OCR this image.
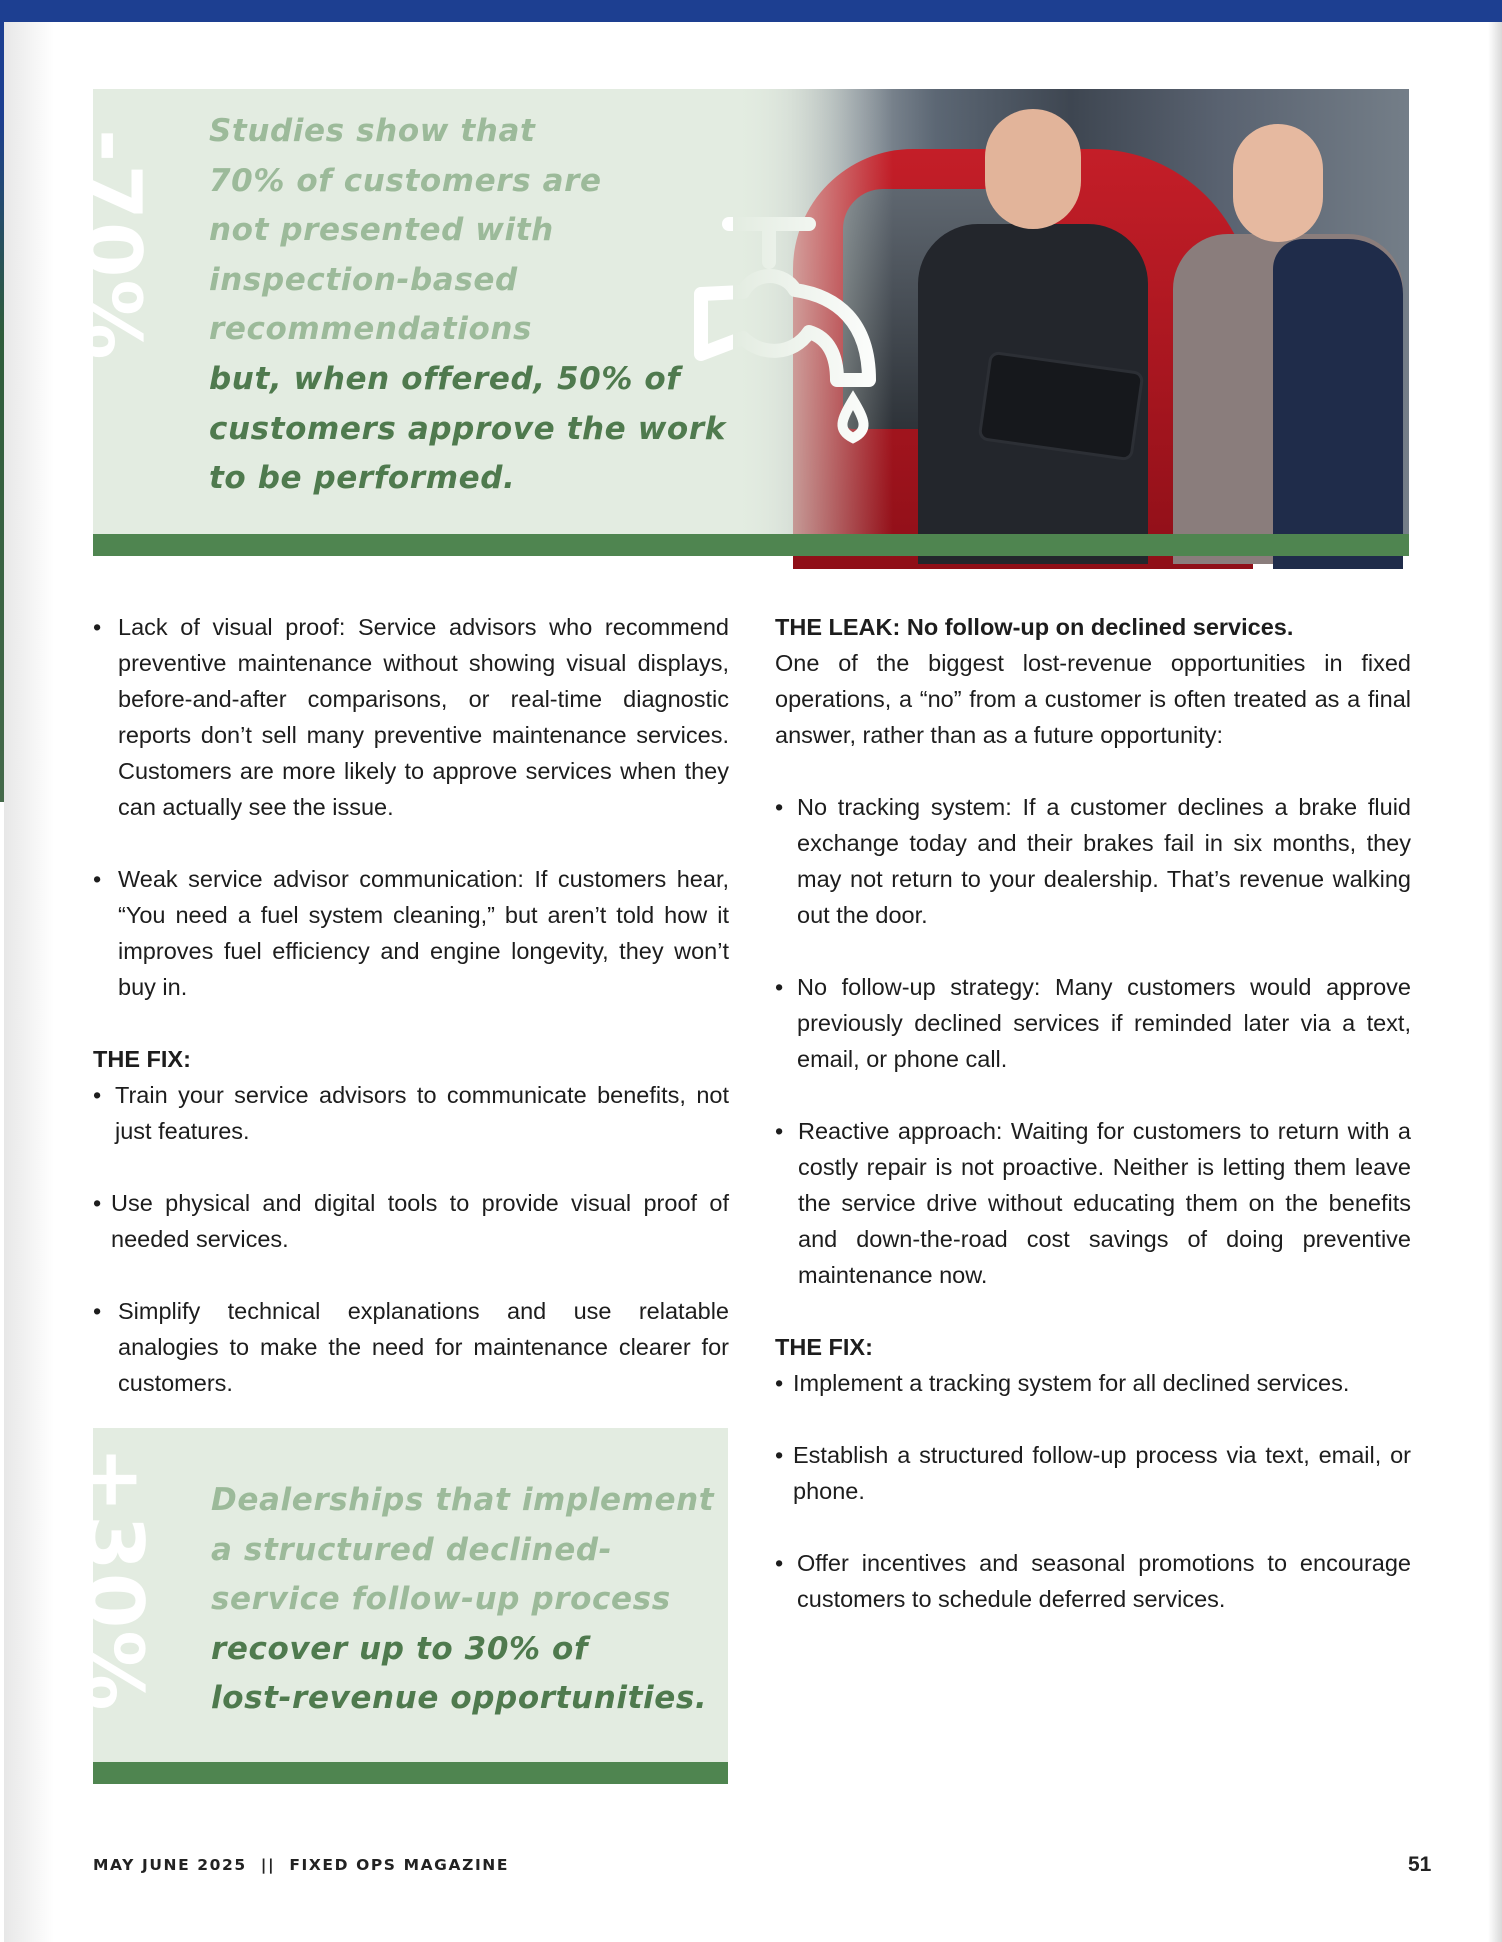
-70% Studies show that
70% of customers are
not presented with
inspection-based
recommendations
but, when offered, 50% of
customers approve the work
to be performed.
• Lack of visual proof: Service advisors who recommend preventive maintenance without showing visual displays, before-and-after comparisons, or real-time diagnostic reports don’t sell many preventive maintenance services. Customers are more likely to approve services when they can actually see the issue.
• Weak service advisor communication: If customers hear, “You need a fuel system cleaning,” but aren’t told how it improves fuel efficiency and engine longevity, they won’t buy in.

THE FIX:

• Train your service advisors to communicate benefits, not just features.
• Use physical and digital tools to provide visual proof of needed services.
• Simplify technical explanations and use relatable analogies to make the need for maintenance clearer for customers.
+30% Dealerships that implement
a structured declined-
service follow-up process
recover up to 30% of
lost-revenue opportunities.

THE LEAK: No follow-up on declined services.

One of the biggest lost-revenue opportunities in fixed operations, a “no” from a customer is often treated as a final answer, rather than as a future opportunity:

• No tracking system: If a customer declines a brake fluid exchange today and their brakes fail in six months, they may not return to your dealership. That’s revenue walking out the door.
• No follow-up strategy: Many customers would approve previously declined services if reminded later via a text, email, or phone call.
• Reactive approach: Waiting for customers to return with a costly repair is not proactive. Neither is letting them leave the service drive without educating them on the benefits and down-the-road cost savings of doing preventive maintenance now.

THE FIX:

• Implement a tracking system for all declined services.
• Establish a structured follow-up process via text, email, or phone.
• Offer incentives and seasonal promotions to encourage customers to schedule deferred services.
MAY JUNE 2025  ||  FIXED OPS MAGAZINE	51
